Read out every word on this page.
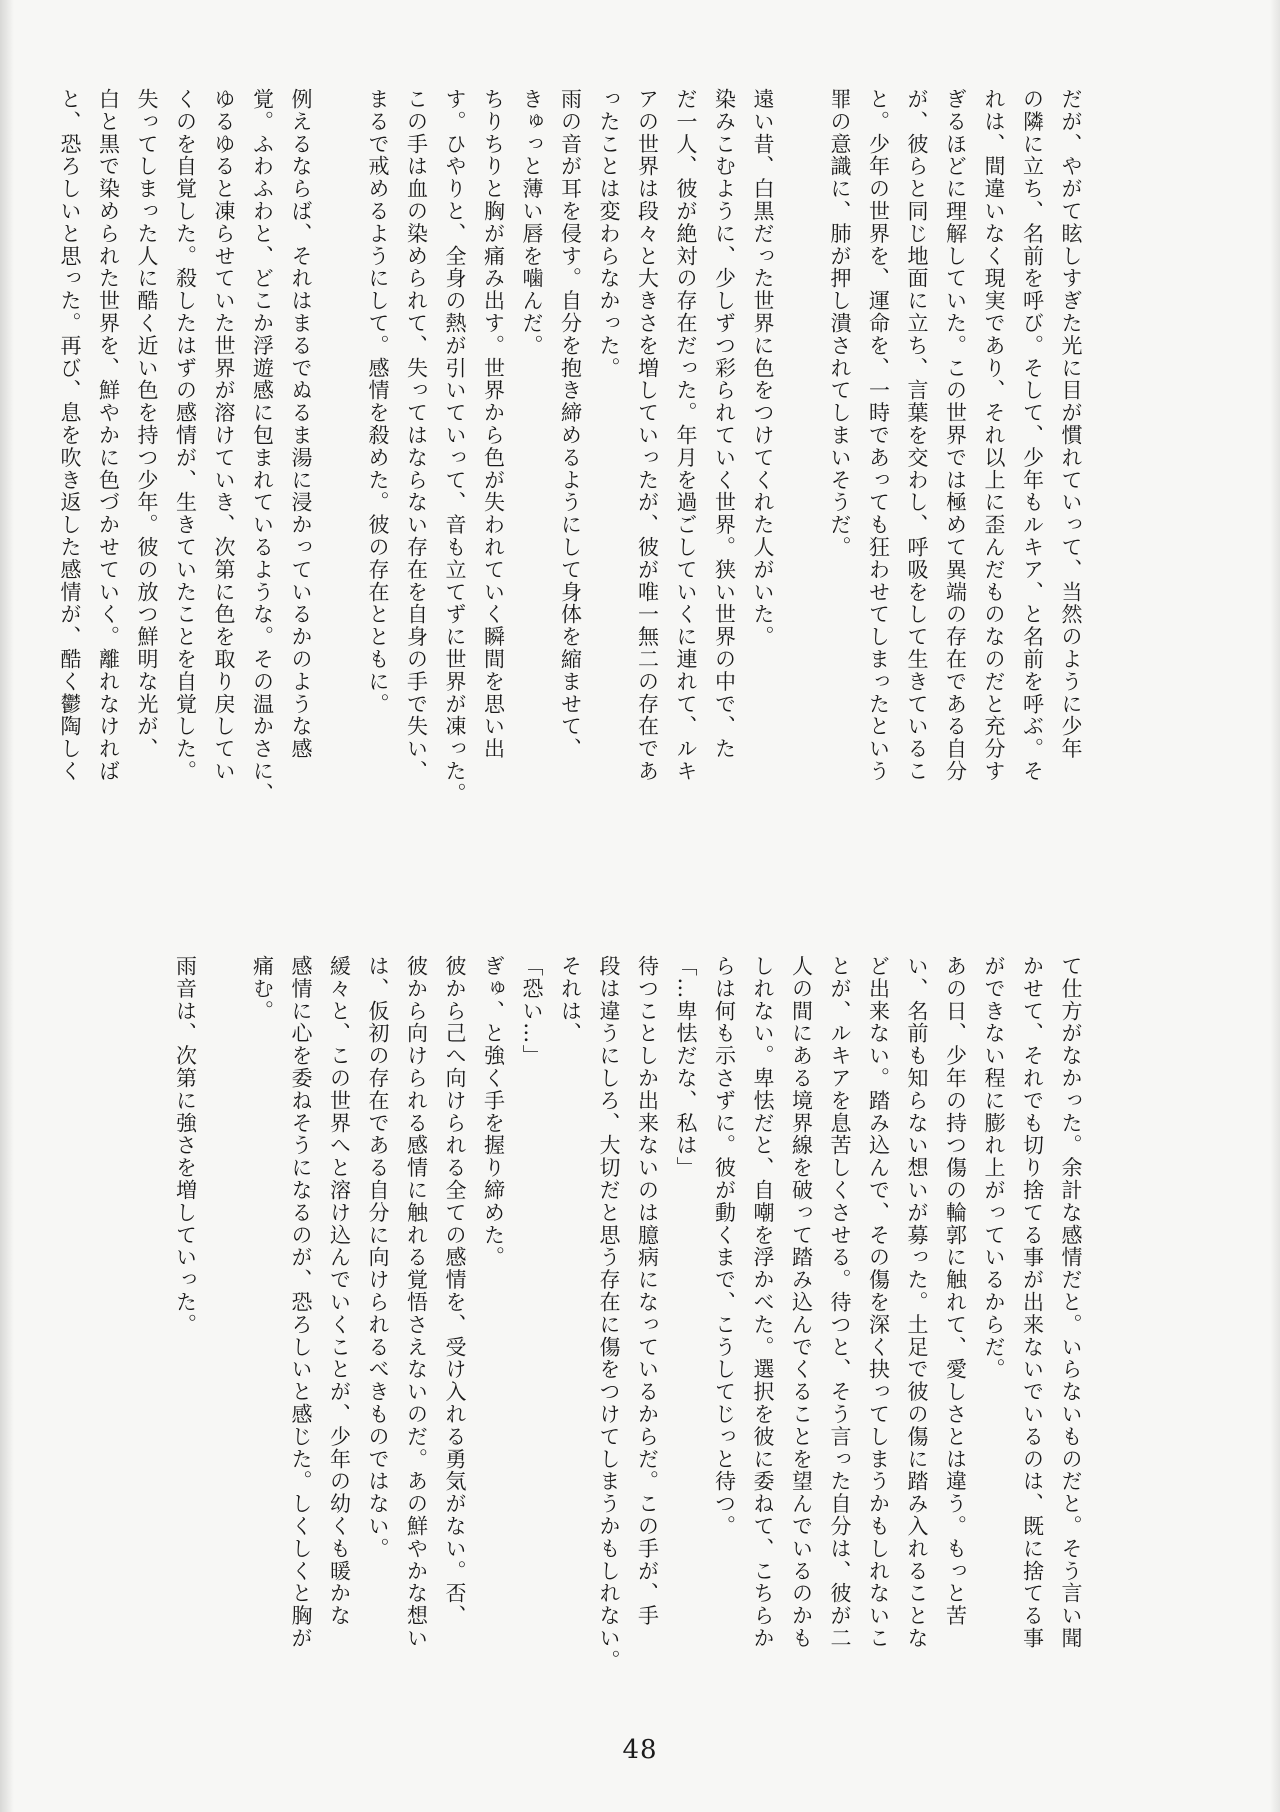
だが、やがて眩しすぎた光に目が慣れていって、当然のように少年

の隣に立ち、名前を呼び。そして、少年もルキア、と名前を呼ぶ。そ

れは、間違いなく現実であり、それ以上に歪んだものなのだと充分す

ぎるほどに理解していた。この世界では極めて異端の存在である自分

が、彼らと同じ地面に立ち、言葉を交わし、呼吸をして生きているこ

と。少年の世界を、運命を、一時であっても狂わせてしまったという

罪の意識に、肺が押し潰されてしまいそうだ。

遠い昔、白黒だった世界に色をつけてくれた人がいた。

染みこむように、少しずつ彩られていく世界。狭い世界の中で、た

だ一人、彼が絶対の存在だった。年月を過ごしていくに連れて、ルキ

アの世界は段々と大きさを増していったが、彼が唯一無二の存在であ

ったことは変わらなかった。

雨の音が耳を侵す。自分を抱き締めるようにして身体を縮ませて、

きゅっと薄い唇を噛んだ。

ちりちりと胸が痛み出す。世界から色が失われていく瞬間を思い出

す。ひやりと、全身の熱が引いていって、音も立てずに世界が凍った。

この手は血の染められて、失ってはならない存在を自身の手で失い、

まるで戒めるようにして。感情を殺めた。彼の存在とともに。

例えるならば、それはまるでぬるま湯に浸かっているかのような感

覚。ふわふわと、どこか浮遊感に包まれているような。その温かさに、

ゆるゆると凍らせていた世界が溶けていき、次第に色を取り戻してい

くのを自覚した。殺したはずの感情が、生きていたことを自覚した。

失ってしまった人に酷く近い色を持つ少年。彼の放つ鮮明な光が、

白と黒で染められた世界を、鮮やかに色づかせていく。離れなければ

と、恐ろしいと思った。再び、息を吹き返した感情が、酷く鬱陶しく

て仕方がなかった。余計な感情だと。いらないものだと。そう言い聞

かせて、それでも切り捨てる事が出来ないでいるのは、既に捨てる事

ができない程に膨れ上がっているからだ。

あの日、少年の持つ傷の輪郭に触れて、愛しさとは違う。もっと苦

い、名前も知らない想いが募った。土足で彼の傷に踏み入れることな

ど出来ない。踏み込んで、その傷を深く抉ってしまうかもしれないこ

とが、ルキアを息苦しくさせる。待つと、そう言った自分は、彼が二

人の間にある境界線を破って踏み込んでくることを望んでいるのかも

しれない。卑怯だと、自嘲を浮かべた。選択を彼に委ねて、こちらか

らは何も示さずに。彼が動くまで、こうしてじっと待つ。

「…卑怯だな、私は」

待つことしか出来ないのは臆病になっているからだ。この手が、手

段は違うにしろ、大切だと思う存在に傷をつけてしまうかもしれない。

それは、

「恐い…」

ぎゅ、と強く手を握り締めた。

彼から己へ向けられる全ての感情を、受け入れる勇気がない。否、

彼から向けられる感情に触れる覚悟さえないのだ。あの鮮やかな想い

は、仮初の存在である自分に向けられるべきものではない。

緩々と、この世界へと溶け込んでいくことが、少年の幼くも暖かな

感情に心を委ねそうになるのが、恐ろしいと感じた。しくしくと胸が

痛む。

雨音は、次第に強さを増していった。

48
